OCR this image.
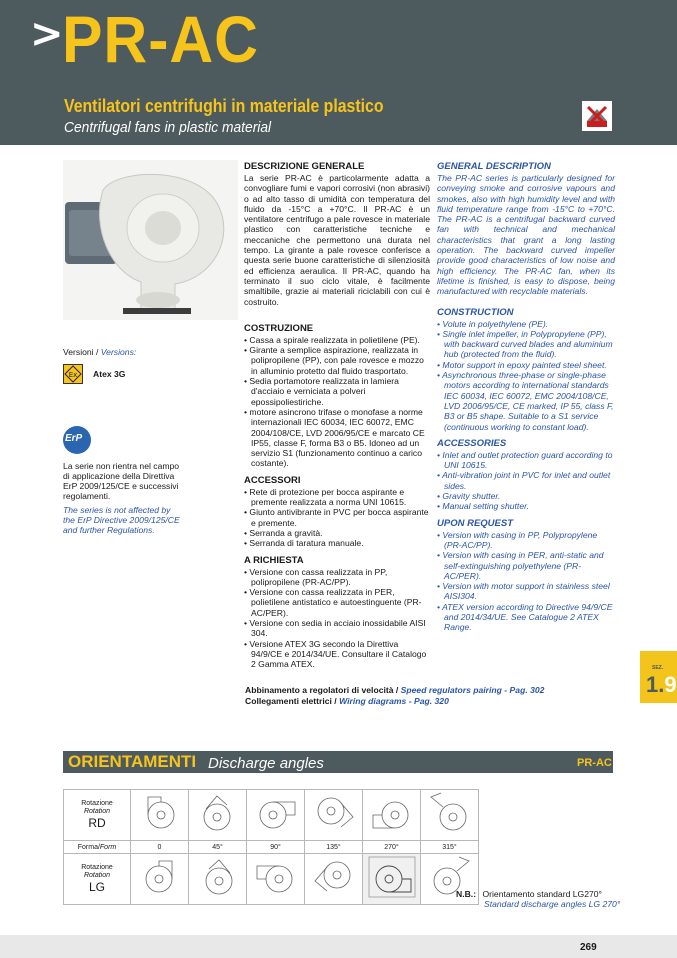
>
PR-AC
Ventilatori centrifughi in materiale plastico
Centrifugal fans in plastic material
Versioni / Versions:
Ex Atex 3G
ErP
La serie non rientra nel campo di applicazione della Direttiva ErP 2009/125/CE e successivi regolamenti.
The series is not affected by the ErP Directive 2009/125/CE and further Regulations.
DESCRIZIONE GENERALE
La serie PR-AC è particolarmente adatta a convogliare fumi e vapori corrosivi (non abrasivi) o ad alto tasso di umidità con temperatura del fluido da -15°C a +70°C. Il PR-AC è un ventilatore centrifugo a pale rovesce in materiale plastico con caratteristiche tecniche e meccaniche che permettono una durata nel tempo. La girante a pale rovesce conferisce a questa serie buone caratteristiche di silenziosità ed efficienza aeraulica. Il PR-AC, quando ha terminato il suo ciclo vitale, è facilmente smaltibile, grazie ai materiali riciclabili con cui è costruito.
COSTRUZIONE
• Cassa a spirale realizzata in polietilene (PE).
• Girante a semplice aspirazione, realizzata in polipropilene (PP), con pale rovesce e mozzo in alluminio protetto dal fluido trasportato.
• Sedia portamotore realizzata in lamiera d'acciaio e verniciata a polveri epossipoliestiriche.
• motore asincrono trifase o monofase a norme internazionali IEC 60034, IEC 60072, EMC 2004/108/CE, LVD 2006/95/CE e marcato CE IP55, classe F, forma B3 o B5. Idoneo ad un servizio S1 (funzionamento continuo a carico costante).
ACCESSORI
• Rete di protezione per bocca aspirante e premente realizzata a norma UNI 10615.
• Giunto antivibrante in PVC per bocca aspirante e premente.
• Serranda a gravità.
• Serranda di taratura manuale.
A RICHIESTA
• Versione con cassa realizzata in PP, polipropilene (PR-AC/PP).
• Versione con cassa realizzata in PER, polietilene antistatico e autoestinguente (PR-AC/PER).
• Versione con sedia in acciaio inossidabile AISI 304.
• Versione ATEX 3G secondo la Direttiva 94/9/CE e 2014/34/UE. Consultare il Catalogo 2 Gamma ATEX.
GENERAL DESCRIPTION
The PR-AC series is particularly designed for conveying smoke and corrosive vapours and smokes, also with high humidity level and with fluid temperature range from -15°C to +70°C. The PR-AC is a centrifugal backward curved fan with technical and mechanical characteristics that grant a long lasting operation. The backward curved impeller provide good characteristics of low noise and high efficiency. The PR-AC fan, when its lifetime is finished, is easy to dispose, being manufactured with recyclable materials.
CONSTRUCTION
• Volute in polyethylene (PE).
• Single inlet impeller, in Polypropylene (PP), with backward curved blades and aluminium hub (protected from the fluid).
• Motor support in epoxy painted steel sheet.
• Asynchronous three-phase or single-phase motors according to international standards IEC 60034, IEC 60072, EMC 2004/108/CE, LVD 2006/95/CE, CE marked, IP 55, class F, B3 or B5 shape. Suitable to a S1 service (continuous working to constant load).
ACCESSORIES
• Inlet and outlet protection guard according to UNI 10615.
• Anti-vibration joint in PVC for inlet and outlet sides.
• Gravity shutter.
• Manual setting shutter.
UPON REQUEST
• Version with casing in PP, Polypropylene (PR-AC/PP).
• Version with casing in PER, anti-static and self-extinguishing polyethylene (PR-AC/PER).
• Version with motor support in stainless steel AISI304.
• ATEX version according to Directive 94/9/CE and 2014/34/UE. See Catalogue 2 ATEX Range.
SEZ.
1.9
Abbinamento a regolatori di velocità / Speed regulators pairing - Pag. 302
Collegamenti elettrici / Wiring diagrams - Pag. 320
ORIENTAMENTI Discharge angles	PR-AC
Rotazione
Rotation
RD

Forma/Form	0	45°	90°	135°	270°	315°

Rotazione
Rotation
LG
							N.B.: Orientamento standard LG270°
Standard discharge angles LG 270°
269
